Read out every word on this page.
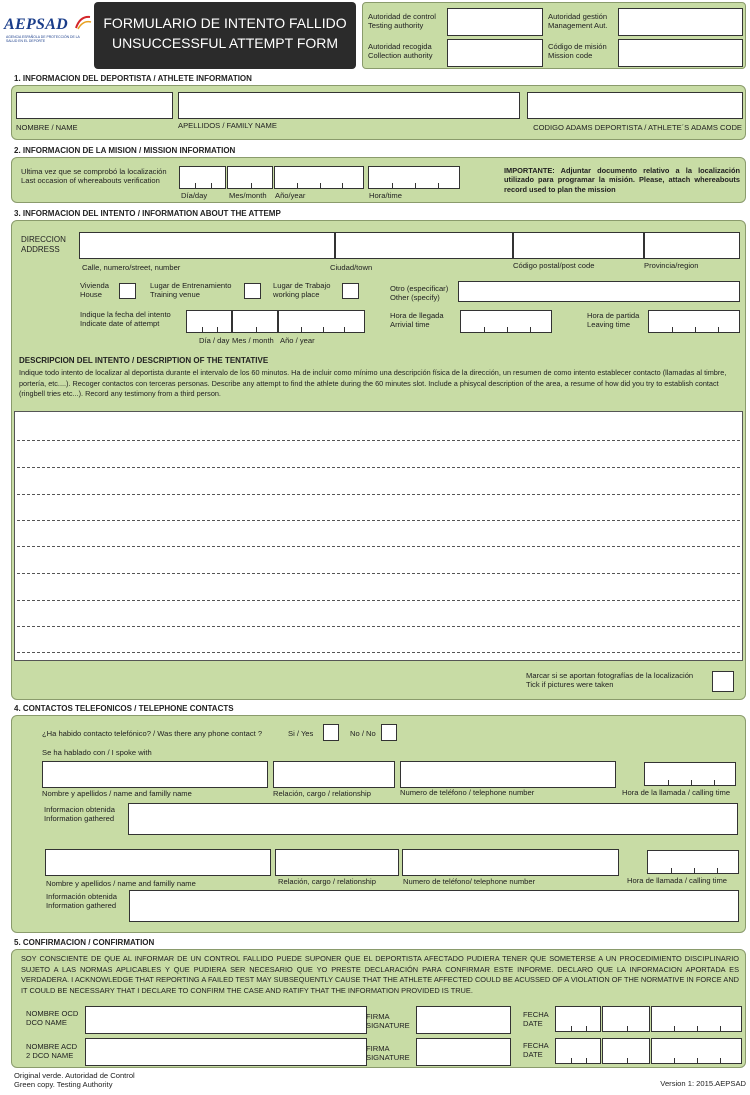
AEPSAD
AGENCIA ESPAÑOLA DE PROTECCIÓN DE LA SALUD EN EL DEPORTE
FORMULARIO DE INTENTO FALLIDO
UNSUCCESSFUL ATTEMPT FORM
Autoridad de control
Testing authority
Autoridad recogida
Collection authority
Autoridad gestión
Management Aut.
Código de misión
Mission code
1. INFORMACION DEL DEPORTISTA / ATHLETE INFORMATION
NOMBRE / NAME	APELLIDOS / FAMILY NAME	CODIGO ADAMS DEPORTISTA / ATHLETE´S ADAMS CODE
2. INFORMACION DE LA MISION / MISSION INFORMATION
Ultima vez que se comprobó la localización
Last occasion of whereabouts verification
Día/day	Mes/month Año/year	Hora/time
IMPORTANTE: Adjuntar documento relativo a la localización utilizado para programar la misión. Please, attach whereabouts record used to plan the mission
3. INFORMACION DEL INTENTO / INFORMATION ABOUT THE ATTEMP
DIRECCION
ADDRESS
Calle, numero/street, number	Ciudad/town	Código postal/post code	Provincia/region
Vivienda
House
Lugar de Entrenamiento
Training venue
Lugar de Trabajo
working place
Otro (especificar)
Other (specify)
Indique la fecha del intento
Indicate date of attempt
Día / day Mes / month Año / year
Hora de llegada
Arrivial time
Hora de partida
Leaving time
DESCRIPCION DEL INTENTO / DESCRIPTION OF THE TENTATIVE
Indique todo intento de localizar al deportista durante el intervalo de los 60 minutos. Ha de incluir como mínimo una descripción física de la dirección, un resumen de como intento establecer contacto (llamadas al timbre, portería, etc....). Recoger contactos con terceras personas. Describe any attempt to find the athlete during the 60 minutes slot. Include a phisycal description of the area, a resume of how did you try to establish contact (ringbell tries etc...). Record any testimony from a third person.
Marcar si se aportan fotografías de la localización
Tick if pictures were taken
4. CONTACTOS TELEFONICOS / TELEPHONE CONTACTS
¿Ha habido contacto telefónico? / Was there any phone contact ?	Si / Yes	No / No
Se ha hablado con / I spoke with
Nombre y apellidos / name and familly name	Relación, cargo / relationship	Numero de teléfono / telephone number	Hora de la llamada / calling time
Informacion obtenida
Information gathered
Nombre y apellidos / name and familly name	Relación, cargo / relationship	Numero de teléfono/ telephone number	Hora de llamada / calling time
Información obtenida
Information gathered
5. CONFIRMACION / CONFIRMATION
SOY CONSCIENTE DE QUE AL INFORMAR DE UN CONTROL FALLIDO PUEDE SUPONER QUE EL DEPORTISTA AFECTADO PUDIERA TENER QUE SOMETERSE A UN PROCEDIMIENTO DISCIPLINARIO SUJETO A LAS NORMAS APLICABLES Y QUE PUDIERA SER NECESARIO QUE YO PRESTE DECLARACIÓN PARA CONFIRMAR ESTE INFORME. DECLARO QUE LA INFORMACION APORTADA ES VERDADERA. I ACKNOWLEDGE THAT REPORTING A FAILED TEST MAY SUBSEQUENTLY CAUSE THAT THE ATHLETE AFFECTED COULD BE ACUSSED OF A VIOLATION OF THE NORMATIVE IN FORCE AND IT COULD BE NECESSARY THAT I DECLARE TO CONFIRM THE CASE AND RATIFY THAT THE INFORMATION PROVIDED IS TRUE.
NOMBRE OCD
DCO NAME
FIRMA
SIGNATURE
FECHA
DATE
NOMBRE ACD
2 DCO NAME
FIRMA
SIGNATURE
FECHA
DATE
Original verde. Autoridad de Control
Green copy. Testing Authority	Version 1: 2015.AEPSAD
